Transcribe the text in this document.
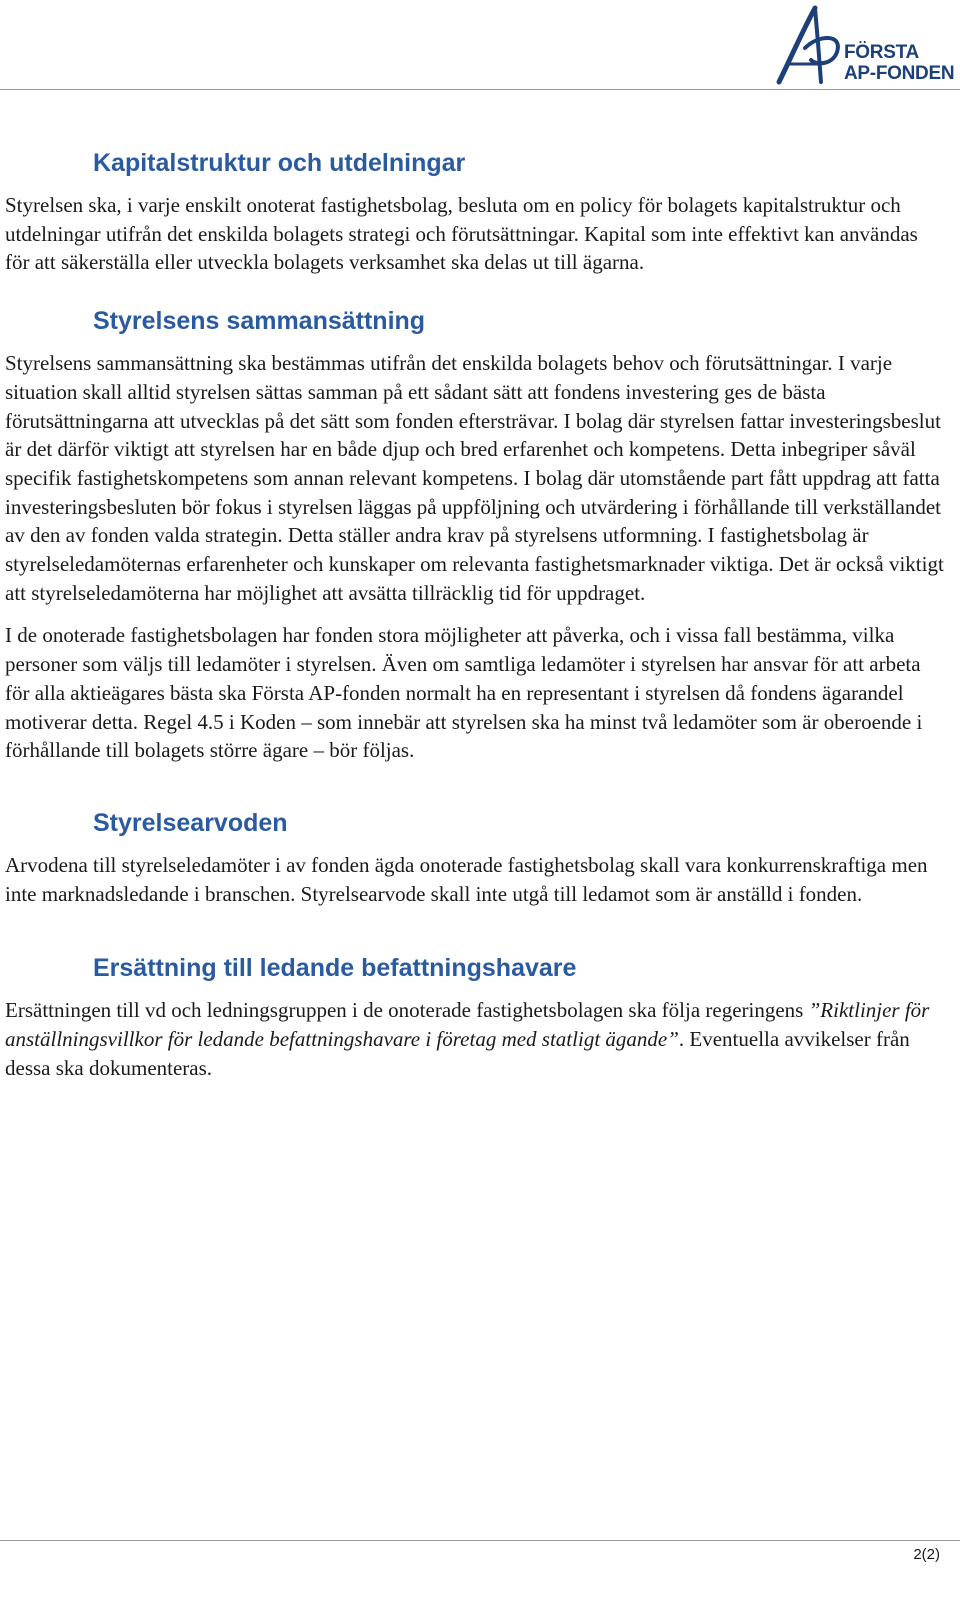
FÖRSTA
AP-FONDEN
Kapitalstruktur och utdelningar

Styrelsen ska, i varje enskilt onoterat fastighetsbolag, besluta om en policy för bolagets kapitalstruktur och utdelningar utifrån det enskilda bolagets strategi och förutsättningar. Kapital som inte effektivt kan användas för att säkerställa eller utveckla bolagets verksamhet ska delas ut till ägarna.

Styrelsens sammansättning

Styrelsens sammansättning ska bestämmas utifrån det enskilda bolagets behov och förutsättningar. I varje situation skall alltid styrelsen sättas samman på ett sådant sätt att fondens investering ges de bästa förutsättningarna att utvecklas på det sätt som fonden eftersträvar. I bolag där styrelsen fattar investeringsbeslut är det därför viktigt att styrelsen har en både djup och bred erfarenhet och kompetens. Detta inbegriper såväl specifik fastighetskompetens som annan relevant kompetens. I bolag där utomstående part fått uppdrag att fatta investeringsbesluten bör fokus i styrelsen läggas på uppföljning och utvärdering i förhållande till verkställandet av den av fonden valda strategin. Detta ställer andra krav på styrelsens utformning. I fastighetsbolag är styrelseledamöternas erfarenheter och kunskaper om relevanta fastighetsmarknader viktiga. Det är också viktigt att styrelseledamöterna har möjlighet att avsätta tillräcklig tid för uppdraget.

I de onoterade fastighetsbolagen har fonden stora möjligheter att påverka, och i vissa fall bestämma, vilka personer som väljs till ledamöter i styrelsen. Även om samtliga ledamöter i styrelsen har ansvar för att arbeta för alla aktieägares bästa ska Första AP-fonden normalt ha en representant i styrelsen då fondens ägarandel motiverar detta. Regel 4.5 i Koden – som innebär att styrelsen ska ha minst två ledamöter som är oberoende i förhållande till bolagets större ägare – bör följas.

Styrelsearvoden

Arvodena till styrelseledamöter i av fonden ägda onoterade fastighetsbolag skall vara konkurrenskraftiga men inte marknadsledande i branschen. Styrelsearvode skall inte utgå till ledamot som är anställd i fonden.

Ersättning till ledande befattningshavare

Ersättningen till vd och ledningsgruppen i de onoterade fastighetsbolagen ska följa regeringens ”Riktlinjer för anställningsvillkor för ledande befattningshavare i företag med statligt ägande”. Eventuella avvikelser från dessa ska dokumenteras.

2(2)
